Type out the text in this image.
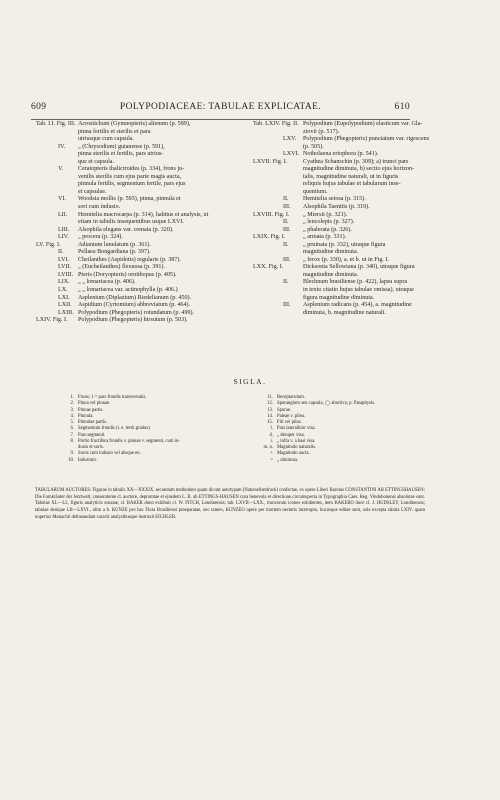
609	POLYPODIACEAE: TABULAE EXPLICATAE.	610
Tab. I.I. Fig. III. Acrostichum (Gymnopteris) alienum (p. 589),
pinna fertilis et sterilis et para
utriusque cum capsula.
IV. „ (Chrysodium) guianense (p. 591),
pinna sterilis et fertilis, pars utrius-
que et capsula.
V. Ceratopteris thalictroides (p. 334), frons ju-
venilis sterilis cum ejus parte magis aucta,
pinnula fertilis, segmentum fertile, pars ejus
et capsulae.
VI. Woodsia mollis (p. 593), pinna, pinnula et
sori cum indusio.
LII. Hemitelia macrocarpa (p. 314), habitus et analysis, ut
etiam in tabulis insequentibus usque LXVI.
LIII. Alsophila elegans var. crenata (p. 320).
LIV. „ procera (p. 324).
LV. Fig. I.	Adiantum lunulatum (p. 361).
II. Pellaea Bongardiana (p. 397).
LVI. Cheilanthes (Aspidotis) regularis (p. 387).
LVII. „ (Eucheilanthes) flexuosa (p. 391).
LVIII. Pteris (Doryopteris) ornithopus (p. 405).
LIX. „ „ lomariacea (p. 406).
LX. „ „ lomariacea var. actinophylla (p. 406.)
LXI. Asplenium (Diplazium) Riedelianum (p. 450).
LXII. Aspidium (Cyrtomium) abbreviatum (p. 464).
LXIII. Polypodium (Phegopteris) rotundatum (p. 499).
LXIV. Fig. I. Polypodium (Phegopteris) hirsutum (p. 503).
Tab. LXIV. Fig. II. Polypodium (Eupolypodium) elasticum var. Gla-
ziovii (p. 517).
LXV. Polypodium (Phegopteris) punctatum var. rigescens
(p. 505).
LXVI. Notholaena eriophora (p. 541).
LXVII. Fig. I.	Cyathea Schanschin (p. 309); a) trunci pars
magnitudine diminuta, b) sectio ejus horizon-
talis, magnitudine naturali, ut in figuris
reliquis hujus tabulae et tabularum inse-
quentium.
II. Hemitelia setosa (p. 315).
III. Alsophila Taenitis (p. 319).
LXVIII. Fig. I. „ Miersii (p. 321).
II. „ lencolepis (p. 327).
III. „ phalerata (p. 326).
LXIX. Fig. I.	„ armata (p. 331).
II. „ pruinata (p. 332), utraque figura
magnitudine diminuta.
III. „ ferox (p. 330), a. et b. ut in Fig. I.
LXX. Fig. I.	Dicksonia Sellowiana (p. 340), utraque figura
magnitudine diminuta.
II. Blechnum brasiliense (p. 422), lapsu supra
in texto citatio hujus tabulae omissa), utraque
figura magnitudine diminuta.
III. Asplenium radicans (p. 454), a. magnitudine
diminuta, b. magnitudine naturali.
SIGLA.
1. Frons; 1 = pars frondis transversalis.
2. Pinna vel pinnae.
3. Pinnae partis.
4. Pinnula.
5. Pinnulae partis.
6. Segmentum frondis (i. e. tertii gradus).
7. Pars segmenti.
8. Portio fructifera frondis v. pinnae v. segmenti, cum in-
dusio et soris.
9. Sorus cum indusio vel absque eo.
10. Indusium.
11. Receptaculum.
12. Sporangium seu capsula, ◯ abortiva; p. Paraphysis.
13. Sporae.
14. Paleae v. pilea.
15. Fili vel pilus.
l. Pars lateralitior visa.
d. „ desuper visa.
i. „ infra v. a basi visa.
m. n. Magnitudo naturalis.
+ Magnitudo aucta.
= „ diminuta.
TABULARUM AUCTORES: Figurae in tabulis XX—XXXIX. secundum methodum quam dicunt autotypam (Naturselbstdruck) confectae, ex opere Liberi Baronis CONSTANTINI AB ETTINGSHAUSEN: Die Farnkräuter der Jetztwelt, consentiente cl. auctore, depromtae et ejusdem L. B. ab ETTINGS-HAUSEN cura benevola et directione circumspecta in Typographia Caes. Reg. Vindobonensi absolutae sunt. Tabulae XL—LI., figuris analyticis ornatae, cl. BAKER dono exhibuit cl. W. FITCH, Londinensis; tab. LXVII—LXX., truncorum icones exhibentes, item BAKERO duce cl. J. HUDSLEY, Londinensis; tabulae denique LII—LXVI., olim a b. KUNZE pro hac Flora Brasiliensi praeparatae, nec tamen, KUNZEO opere per mortem necteris interrupto, hucusque editae sunt, sola excepta tabula LXIV. quam nuperius Monachii delineandam curavit analysibusque instruxit EICHLER.
